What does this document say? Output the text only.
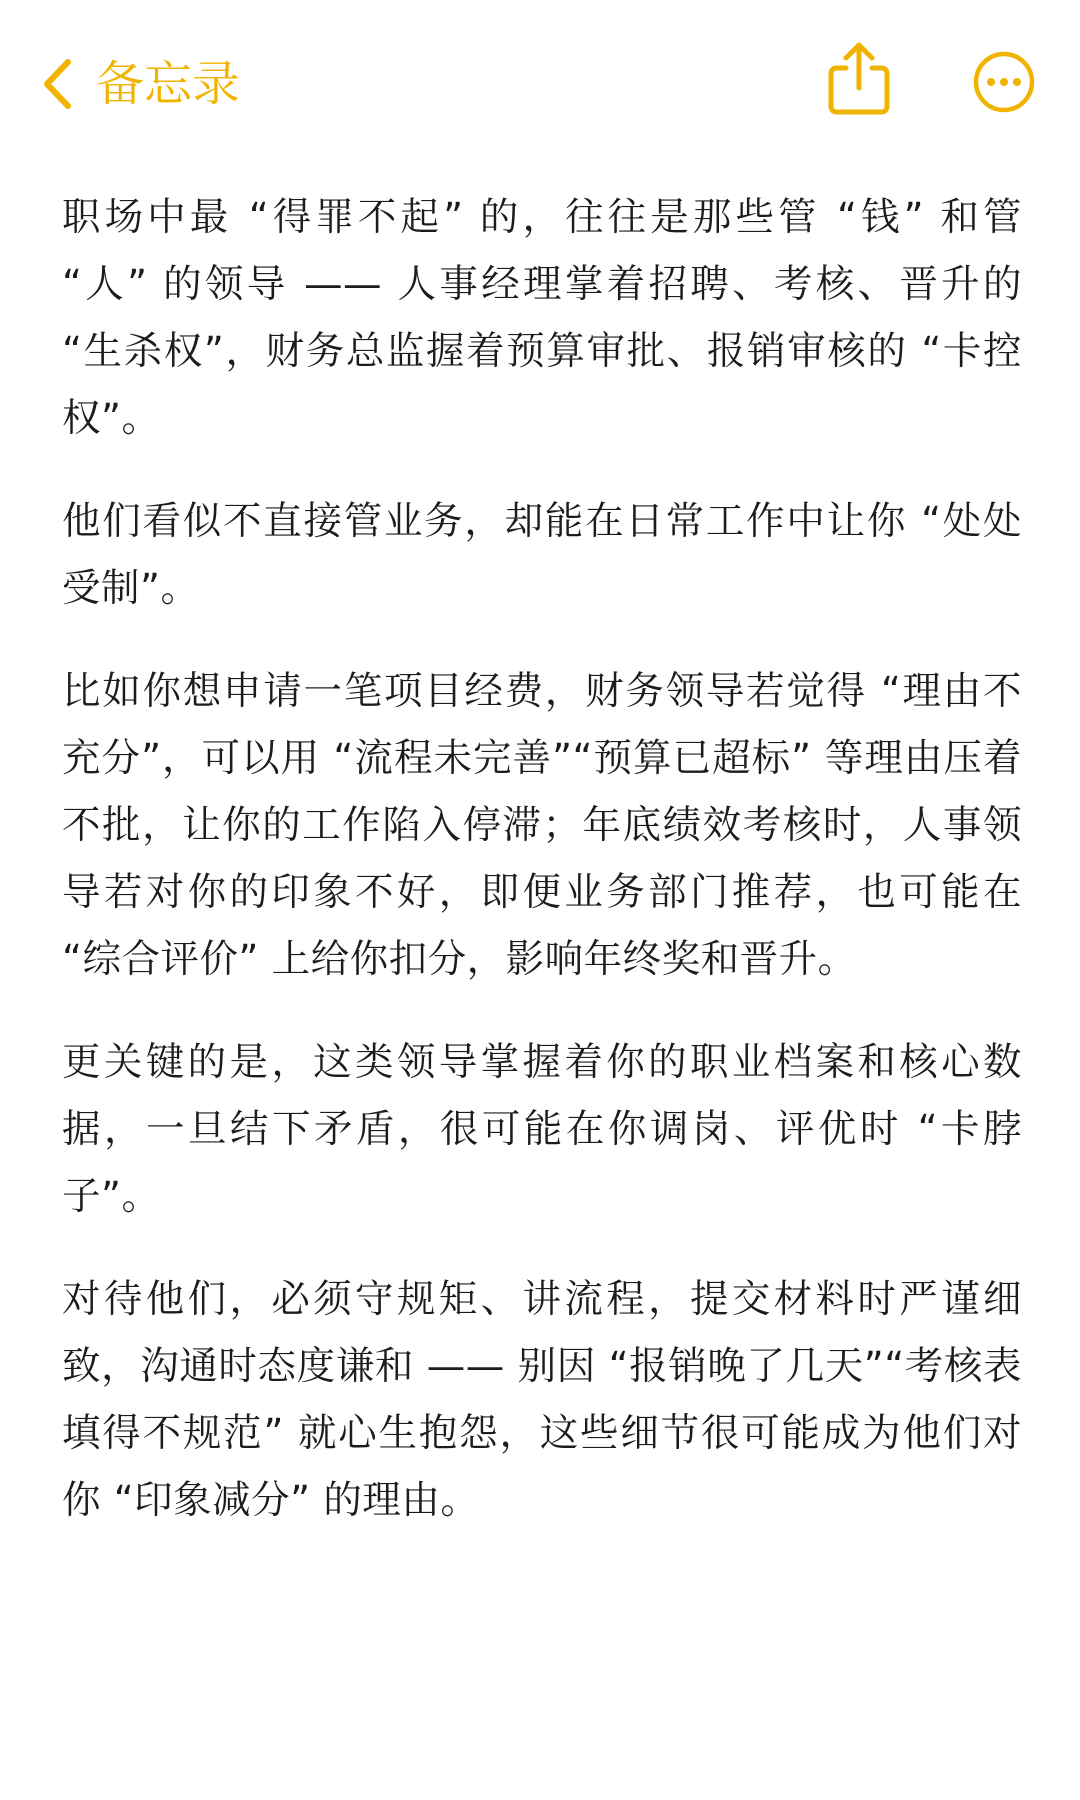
备忘录

职场中最 “得罪不起” 的，往往是那些管 “钱” 和管 “人” 的领导 —— 人事经理掌着招聘、考核、晋升的 “生杀权”，财务总监握着预算审批、报销审核的 “卡控权”。

他们看似不直接管业务，却能在日常工作中让你 “处处受制”。

比如你想申请一笔项目经费，财务领导若觉得 “理由不充分”，可以用 “流程未完善”“预算已超标” 等理由压着不批，让你的工作陷入停滞；年底绩效考核时，人事领导若对你的印象不好，即便业务部门推荐，也可能在 “综合评价” 上给你扣分，影响年终奖和晋升。

更关键的是，这类领导掌握着你的职业档案和核心数据，一旦结下矛盾，很可能在你调岗、评优时 “卡脖子”。

对待他们，必须守规矩、讲流程，提交材料时严谨细致，沟通时态度谦和 —— 别因 “报销晚了几天”“考核表填得不规范” 就心生抱怨，这些细节很可能成为他们对你 “印象减分” 的理由。
